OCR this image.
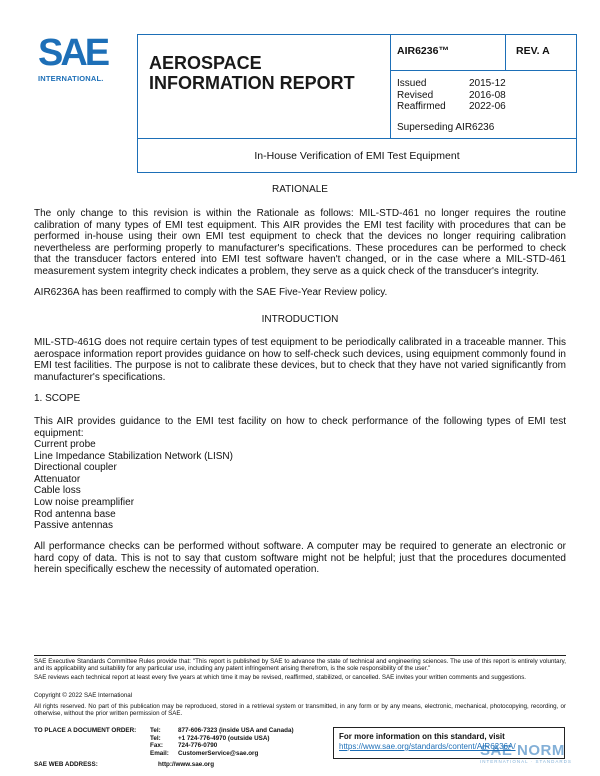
SAE
INTERNATIONAL.
AEROSPACE INFORMATION REPORT
AIR6236™	REV. A
Issued	2015-12
Revised	2016-08
Reaffirmed	2022-06
Superseding AIR6236
In-House Verification of EMI Test Equipment
RATIONALE
The only change to this revision is within the Rationale as follows: MIL-STD-461 no longer requires the routine calibration of many types of EMI test equipment. This AIR provides the EMI test facility with procedures that can be performed in-house using their own EMI test equipment to check that the devices no longer requiring calibration nevertheless are performing properly to manufacturer's specifications. These procedures can be performed to check that the transducer factors entered into EMI test software haven't changed, or in the case where a MIL-STD-461 measurement system integrity check indicates a problem, they serve as a quick check of the transducer's integrity.
AIR6236A has been reaffirmed to comply with the SAE Five-Year Review policy.
INTRODUCTION
MIL-STD-461G does not require certain types of test equipment to be periodically calibrated in a traceable manner. This aerospace information report provides guidance on how to self-check such devices, using equipment commonly found in EMI test facilities. The purpose is not to calibrate these devices, but to check that they have not varied significantly from manufacturer's specifications.
1. SCOPE
This AIR provides guidance to the EMI test facility on how to check performance of the following types of EMI test equipment:
Current probe
Line Impedance Stabilization Network (LISN)
Directional coupler
Attenuator
Cable loss
Low noise preamplifier
Rod antenna base
Passive antennas
All performance checks can be performed without software. A computer may be required to generate an electronic or hard copy of data. This is not to say that custom software might not be helpful; just that the procedures documented herein specifically eschew the necessity of automated operation.
SAE Executive Standards Committee Rules provide that: "This report is published by SAE to advance the state of technical and engineering sciences. The use of this report is entirely voluntary, and its applicability and suitability for any particular use, including any patent infringement arising therefrom, is the sole responsibility of the user."
SAE reviews each technical report at least every five years at which time it may be revised, reaffirmed, stabilized, or cancelled. SAE invites your written comments and suggestions.
Copyright © 2022 SAE International
All rights reserved. No part of this publication may be reproduced, stored in a retrieval system or transmitted, in any form or by any means, electronic, mechanical, photocopying, recording, or otherwise, without the prior written permission of SAE.
TO PLACE A DOCUMENT ORDER:	Tel:	877-606-7323 (inside USA and Canada)
Tel:	+1 724-776-4970 (outside USA)
Fax:	724-776-0790
Email:	CustomerService@sae.org
SAE WEB ADDRESS:	http://www.sae.org
For more information on this standard, visit
https://www.sae.org/standards/content/AIR6236A/
SAE NORM
INTERNATIONAL · STANDARDS
